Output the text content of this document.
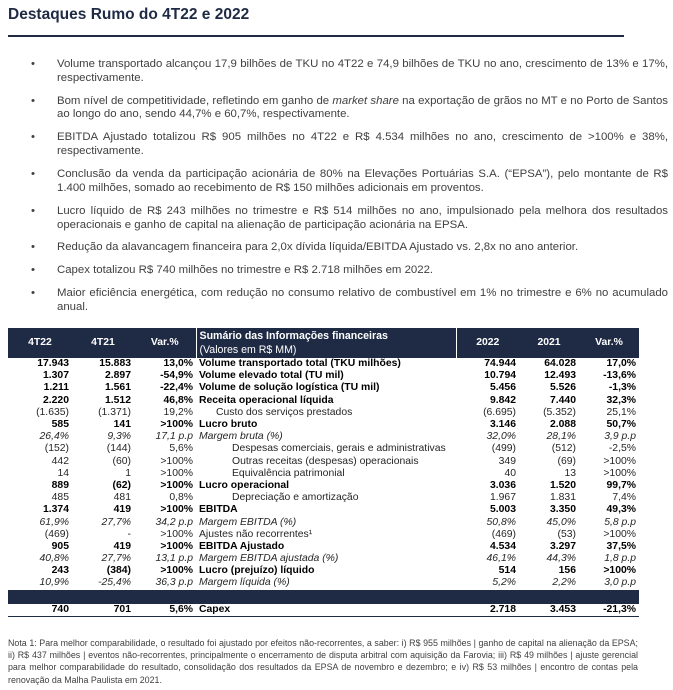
Destaques Rumo do 4T22 e 2022
• Volume transportado alcançou 17,9 bilhões de TKU no 4T22 e 74,9 bilhões de TKU no ano, crescimento de 13% e 17%, respectivamente.
• Bom nível de competitividade, refletindo em ganho de market share na exportação de grãos no MT e no Porto de Santos ao longo do ano, sendo 44,7% e 60,7%, respectivamente.
• EBITDA Ajustado totalizou R$ 905 milhões no 4T22 e R$ 4.534 milhões no ano, crescimento de >100% e 38%, respectivamente.
• Conclusão da venda da participação acionária de 80% na Elevações Portuárias S.A. (“EPSA”), pelo montante de R$ 1.400 milhões, somado ao recebimento de R$ 150 milhões adicionais em proventos.
• Lucro líquido de R$ 243 milhões no trimestre e R$ 514 milhões no ano, impulsionado pela melhora dos resultados operacionais e ganho de capital na alienação de participação acionária na EPSA.
• Redução da alavancagem financeira para 2,0x dívida líquida/EBITDA Ajustado vs. 2,8x no ano anterior.
• Capex totalizou R$ 740 milhões no trimestre e R$ 2.718 milhões em 2022.
• Maior eficiência energética, com redução no consumo relativo de combustível em 1% no trimestre e 6% no acumulado anual.
4T22	4T21	Var.%	Sumário das Informações financeiras	2022	2021	Var.%
			(Valores em R$ MM)			
17.943	15.883	13,0%	Volume transportado total (TKU milhões)	74.944	64.028	17,0%
1.307	2.897	-54,9%	Volume elevado total (TU mil)	10.794	12.493	-13,6%
1.211	1.561	-22,4%	Volume de solução logística (TU mil)	5.456	5.526	-1,3%
2.220	1.512	46,8%	Receita operacional líquida	9.842	7.440	32,3%
(1.635)	(1.371)	19,2%	Custo dos serviços prestados	(6.695)	(5.352)	25,1%
585	141	>100%	Lucro bruto	3.146	2.088	50,7%
26,4%	9,3%	17,1 p.p	Margem bruta (%)	32,0%	28,1%	3,9 p.p
(152)	(144)	5,6%	Despesas comerciais, gerais e administrativas	(499)	(512)	-2,5%
442	(60)	>100%	Outras receitas (despesas) operacionais	349	(69)	>100%
14	1	>100%	Equivalência patrimonial	40	13	>100%
889	(62)	>100%	Lucro operacional	3.036	1.520	99,7%
485	481	0,8%	Depreciação e amortização	1.967	1.831	7,4%
1.374	419	>100%	EBITDA	5.003	3.350	49,3%
61,9%	27,7%	34,2 p.p	Margem EBITDA (%)	50,8%	45,0%	5,8 p.p
(469)	-	>100%	Ajustes não recorrentes¹	(469)	(53)	>100%
905	419	>100%	EBITDA Ajustado	4.534	3.297	37,5%
40,8%	27,7%	13,1 p.p	Margem EBITDA ajustada (%)	46,1%	44,3%	1,8 p.p
243	(384)	>100%	Lucro (prejuízo) líquido	514	156	>100%
10,9%	-25,4%	36,3 p.p	Margem líquida (%)	5,2%	2,2%	3,0 p.p

740	701	5,6%	Capex	2.718	3.453	-21,3%
Nota 1: Para melhor comparabilidade, o resultado foi ajustado por efeitos não-recorrentes, a saber: i) R$ 955 milhões | ganho de capital na alienação da EPSA; ii) R$ 437 milhões | eventos não-recorrentes, principalmente o encerramento de disputa arbitral com aquisição da Farovia; iii) R$ 49 milhões | ajuste gerencial para melhor comparabilidade do resultado, consolidação dos resultados da EPSA de novembro e dezembro; e iv) R$ 53 milhões | encontro de contas pela renovação da Malha Paulista em 2021.
